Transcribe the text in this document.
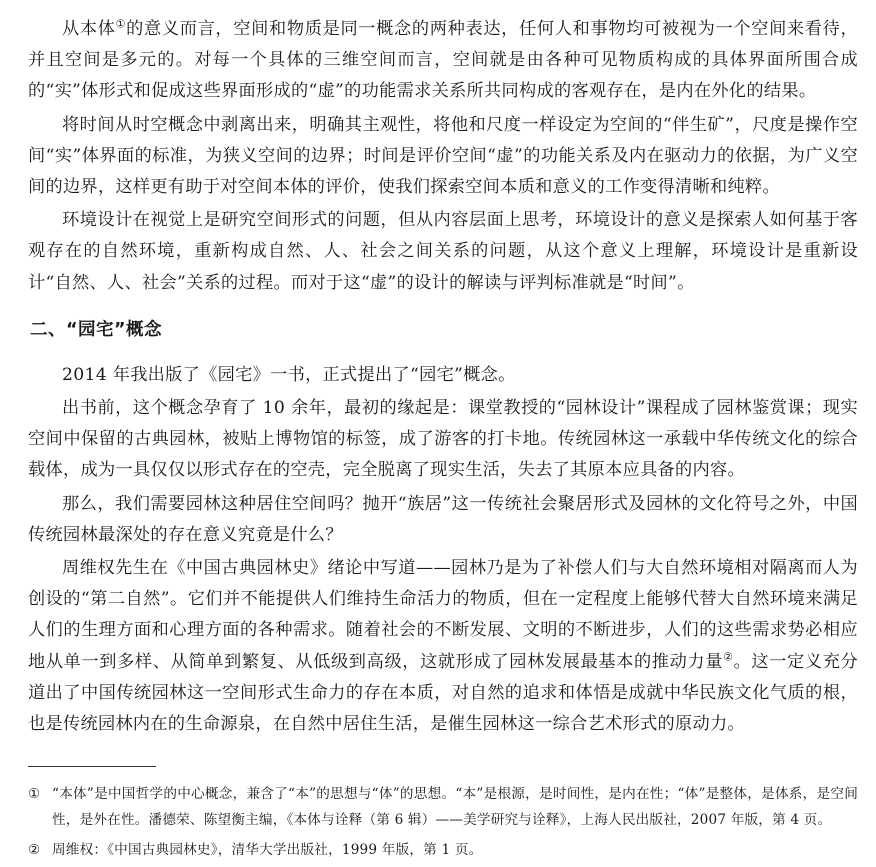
从本体①的意义而言，空间和物质是同一概念的两种表达，任何人和事物均可被视为一个空间来看待，并且空间是多元的。对每一个具体的三维空间而言，空间就是由各种可见物质构成的具体界面所围合成的“实”体形式和促成这些界面形成的“虚”的功能需求关系所共同构成的客观存在，是内在外化的结果。

将时间从时空概念中剥离出来，明确其主观性，将他和尺度一样设定为空间的“伴生矿”，尺度是操作空间“实”体界面的标准，为狭义空间的边界；时间是评价空间“虚”的功能关系及内在驱动力的依据，为广义空间的边界，这样更有助于对空间本体的评价，使我们探索空间本质和意义的工作变得清晰和纯粹。

环境设计在视觉上是研究空间形式的问题，但从内容层面上思考，环境设计的意义是探索人如何基于客观存在的自然环境，重新构成自然、人、社会之间关系的问题，从这个意义上理解，环境设计是重新设计“自然、人、社会”关系的过程。而对于这“虚”的设计的解读与评判标准就是“时间”。

二、“园宅”概念

2014 年我出版了《园宅》一书，正式提出了“园宅”概念。

出书前，这个概念孕育了 10 余年，最初的缘起是：课堂教授的“园林设计”课程成了园林鉴赏课；现实空间中保留的古典园林，被贴上博物馆的标签，成了游客的打卡地。传统园林这一承载中华传统文化的综合载体，成为一具仅仅以形式存在的空壳，完全脱离了现实生活，失去了其原本应具备的内容。

那么，我们需要园林这种居住空间吗？抛开“族居”这一传统社会聚居形式及园林的文化符号之外，中国传统园林最深处的存在意义究竟是什么？

周维权先生在《中国古典园林史》绪论中写道——园林乃是为了补偿人们与大自然环境相对隔离而人为创设的“第二自然”。它们并不能提供人们维持生命活力的物质，但在一定程度上能够代替大自然环境来满足人们的生理方面和心理方面的各种需求。随着社会的不断发展、文明的不断进步，人们的这些需求势必相应地从单一到多样、从简单到繁复、从低级到高级，这就形成了园林发展最基本的推动力量②。这一定义充分道出了中国传统园林这一空间形式生命力的存在本质，对自然的追求和体悟是成就中华民族文化气质的根，也是传统园林内在的生命源泉，在自然中居住生活，是催生园林这一综合艺术形式的原动力。

① “本体”是中国哲学的中心概念，兼含了“本”的思想与“体”的思想。“本”是根源，是时间性，是内在性；“体”是整体，是体系，是空间性，是外在性。潘德荣、陈望衡主编，《本体与诠释（第 6 辑）——美学研究与诠释》，上海人民出版社，2007 年版，第 4 页。
② 周维权：《中国古典园林史》，清华大学出版社，1999 年版，第 1 页。
